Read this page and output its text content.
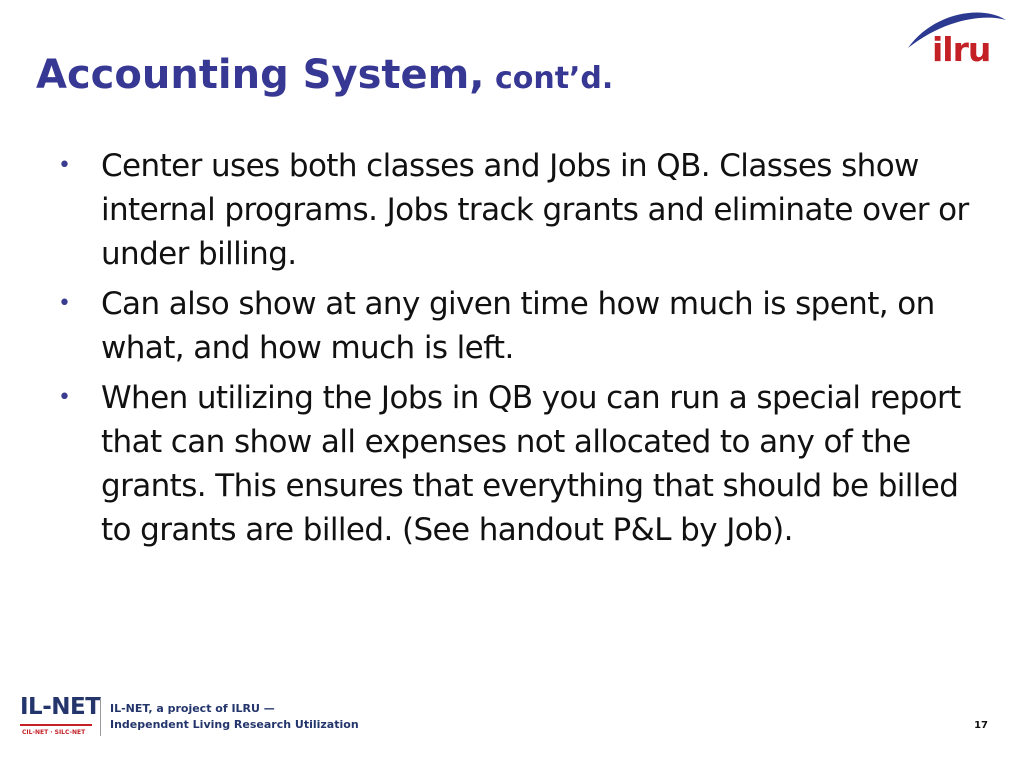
Accounting System, cont’d.
ilru
• Center uses both classes and Jobs in QB. Classes show internal programs. Jobs track grants and eliminate over or under billing.
• Can also show at any given time how much is spent, on what, and how much is left.
• When utilizing the Jobs in QB you can run a special report that can show all expenses not allocated to any of the grants. This ensures that everything that should be billed to grants are billed. (See handout P&L by Job).
IL-NET
CIL-NET · SILC-NET
IL-NET, a project of ILRU —
Independent Living Research Utilization	17
